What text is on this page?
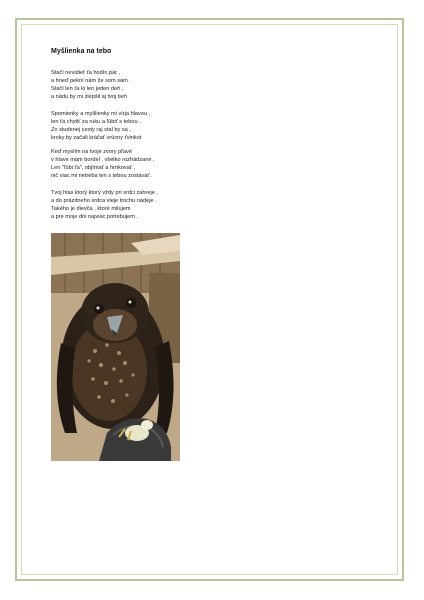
Myšlienka na tebo
Stačí nevidieť ťa hodín pár ,
a hneď pekní nám že som sám .
Stačí len ťa ki len jeden deň ,
a nádu by mi zlepšil aj tvoj tieň
Spomienky a myšlienky mi vírja hlavou ,
len ťa chytiť za ruku a ľúbiť s tebou .
Zo studenej cesty raj stal by sa ,
kroky by začali kráčať vrúcny ťvinkot
Keď myslím na tvoje zvory pľavé
v hlave mám bordel , všetko rozhádzané ,
Len "ľúbi ťa", objímať a hrnkovať ,
nič viac mi netreba len s tebou zostávať .
Tvoj hlas ktorý ktorý vždy pri srdci zahreje ,
a do prázdneho srdca vleje trochu nádeje .
Takého je dievča , ktoré milujem
a pre moje dni najviac potrebujem .
